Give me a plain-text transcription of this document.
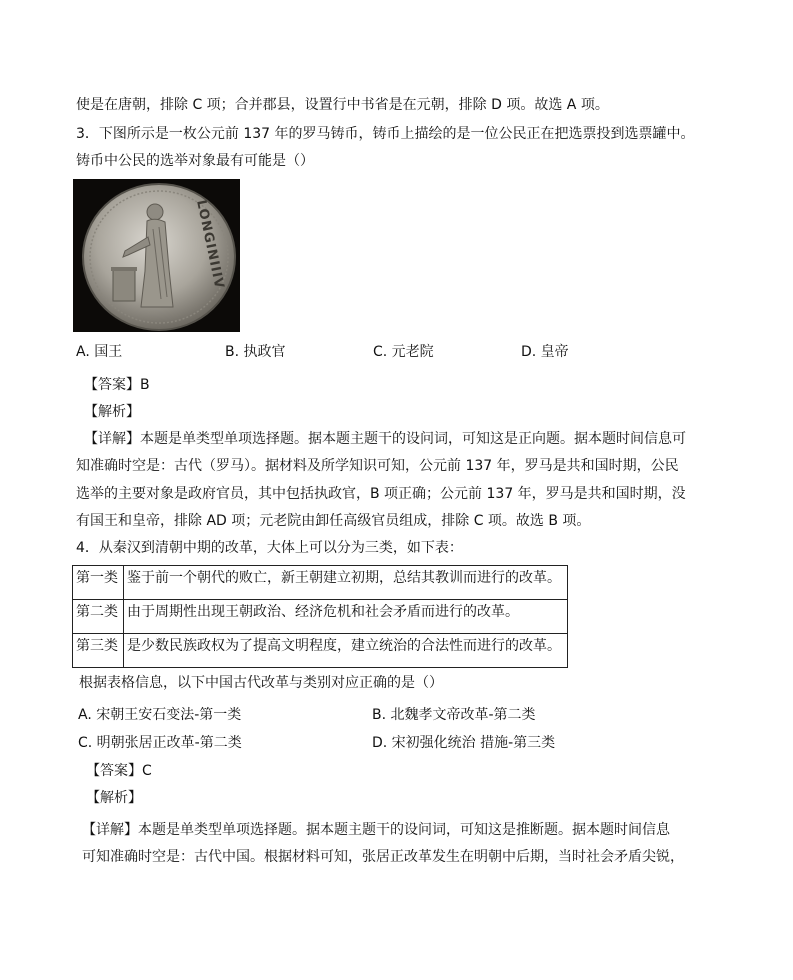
使是在唐朝，排除 C 项；合并郡县，设置行中书省是在元朝，排除 D 项。故选 A 项。
3．下图所示是一枚公元前 137 年的罗马铸币，铸币上描绘的是一位公民正在把选票投到选票罐中。
铸币中公民的选举对象最有可能是（）
LONGINIIIV
A. 国王	B. 执政官	C. 元老院	D. 皇帝
【答案】B
【解析】
【详解】本题是单类型单项选择题。据本题主题干的设问词，可知这是正向题。据本题时间信息可
知准确时空是：古代（罗马）。据材料及所学知识可知，公元前 137 年，罗马是共和国时期，公民
选举的主要对象是政府官员，其中包括执政官，B 项正确；公元前 137 年，罗马是共和国时期，没
有国王和皇帝，排除 AD 项；元老院由卸任高级官员组成，排除 C 项。故选 B 项。
4．从秦汉到清朝中期的改革，大体上可以分为三类，如下表：
第一类	鉴于前一个朝代的败亡，新王朝建立初期，总结其教训而进行的改革。
第二类	由于周期性出现王朝政治、经济危机和社会矛盾而进行的改革。
第三类	是少数民族政权为了提高文明程度，建立统治的合法性而进行的改革。
根据表格信息，以下中国古代改革与类别对应正确的是（）
A. 宋朝王安石变法-第一类	B. 北魏孝文帝改革-第二类
C. 明朝张居正改革-第二类	D. 宋初强化统治 措施-第三类
【答案】C
【解析】
【详解】本题是单类型单项选择题。据本题主题干的设问词，可知这是推断题。据本题时间信息
可知准确时空是：古代中国。根据材料可知，张居正改革发生在明朝中后期，当时社会矛盾尖锐，
